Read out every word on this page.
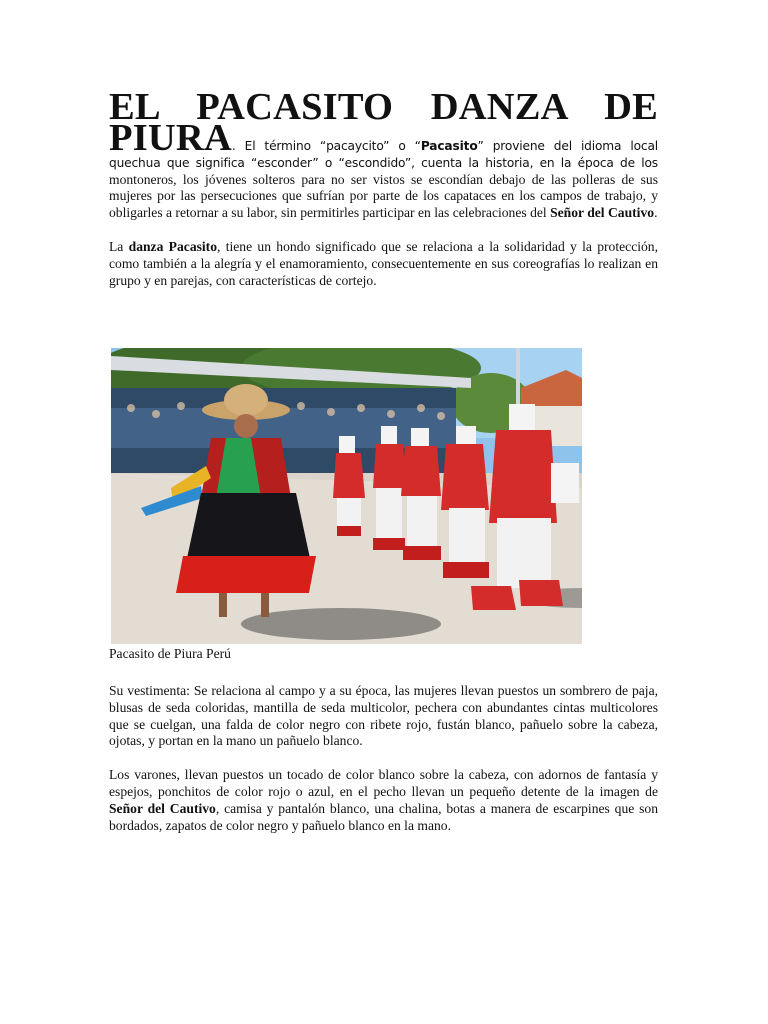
EL PACASITO DANZA DE

PIURA. El término “pacaycito” o “Pacasito” proviene del idioma local quechua que significa “esconder” o “escondido”, cuenta la historia, en la época de los montoneros, los jóvenes solteros para no ser vistos se escondían debajo de las polleras de sus mujeres por las persecuciones que sufrían por parte de los capataces en los campos de trabajo, y obligarles a retornar a su labor, sin permitirles participar en las celebraciones del Señor del Cautivo.

La danza Pacasito, tiene un hondo significado que se relaciona a la solidaridad y la protección, como también a la alegría y el enamoramiento, consecuentemente en sus coreografías lo realizan en grupo y en parejas, con características de cortejo.

Pacasito de Piura Perú

Su vestimenta: Se relaciona al campo y a su época, las mujeres llevan puestos un sombrero de paja, blusas de seda coloridas, mantilla de seda multicolor, pechera con abundantes cintas multicolores que se cuelgan, una falda de color negro con ribete rojo, fustán blanco, pañuelo sobre la cabeza, ojotas, y portan en la mano un pañuelo blanco.

Los varones, llevan puestos un tocado de color blanco sobre la cabeza, con adornos de fantasía y espejos, ponchitos de color rojo o azul, en el pecho llevan un pequeño detente de la imagen de Señor del Cautivo, camisa y pantalón blanco, una chalina, botas a manera de escarpines que son bordados, zapatos de color negro y pañuelo blanco en la mano.
